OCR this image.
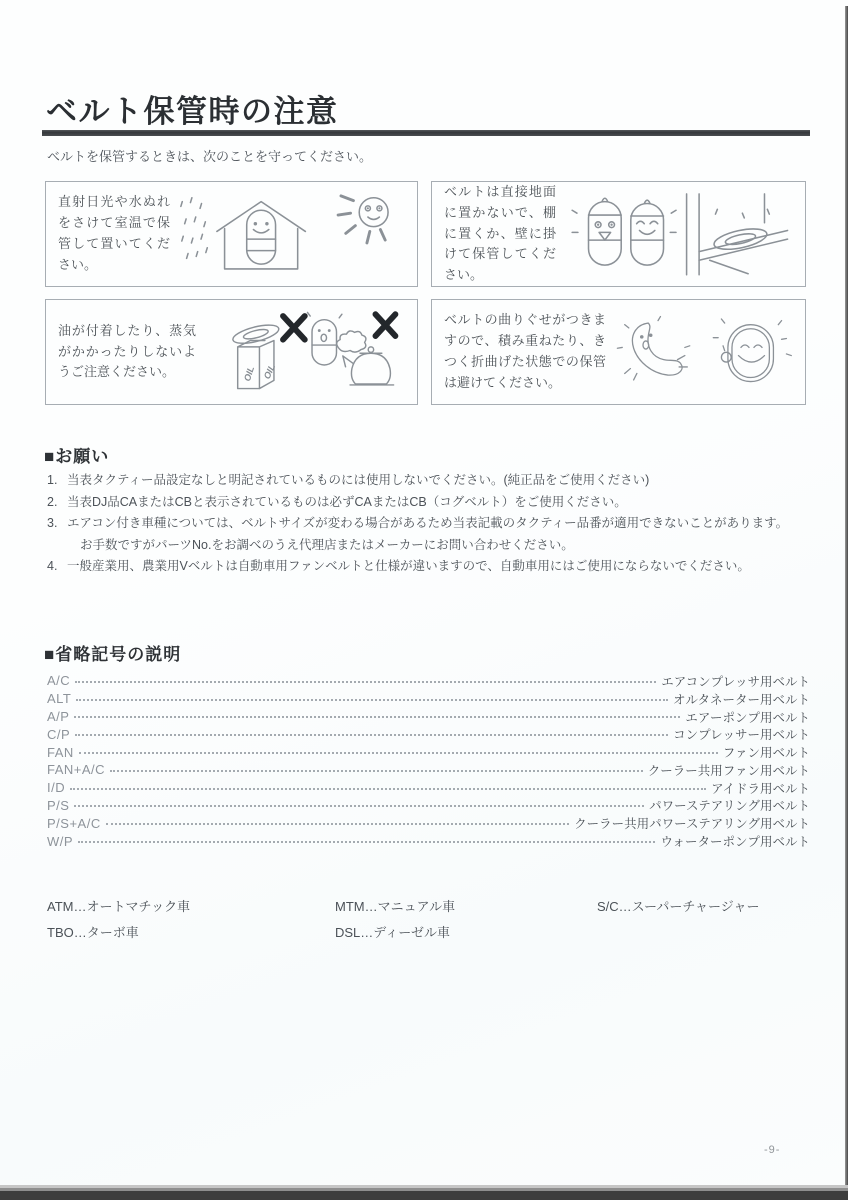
ベルト保管時の注意

ベルトを保管するときは、次のことを守ってください。

直射日光や水ぬれをさけて室温で保管して置いてください。

ベルトは直接地面に置かないで、棚に置くか、壁に掛けて保管してください。

油が付着したり、蒸気がかかったりしないようご注意ください。	OIL OIL

ベルトの曲りぐせがつきますので、積み重ねたり、きつく折曲げた状態での保管は避けてください。

■お願い
1. 当表タクティー品設定なしと明記されているものには使用しないでください。(純正品をご使用ください)
2. 当表DJ品CAまたはCBと表示されているものは必ずCAまたはCB（コグベルト）をご使用ください。
3. エアコン付き車種については、ベルトサイズが変わる場合があるため当表記載のタクティー品番が適用できないことがあります。
お手数ですがパーツNo.をお調べのうえ代理店またはメーカーにお問い合わせください。
4. 一般産業用、農業用Vベルトは自動車用ファンベルトと仕様が違いますので、自動車用にはご使用にならないでください。
■省略記号の説明
A/C	エアコンプレッサ用ベルト
ALT	オルタネーター用ベルト
A/P	エアーポンプ用ベルト
C/P	コンプレッサー用ベルト
FAN	ファン用ベルト
FAN+A/C	クーラー共用ファン用ベルト
I/D	アイドラ用ベルト
P/S	パワーステアリング用ベルト
P/S+A/C	クーラー共用パワーステアリング用ベルト
W/P	ウォーターポンプ用ベルト
ATM…オートマチック車	MTM…マニュアル車	S/C…スーパーチャージャー
TBO…ターボ車	DSL…ディーゼル車
-9-
